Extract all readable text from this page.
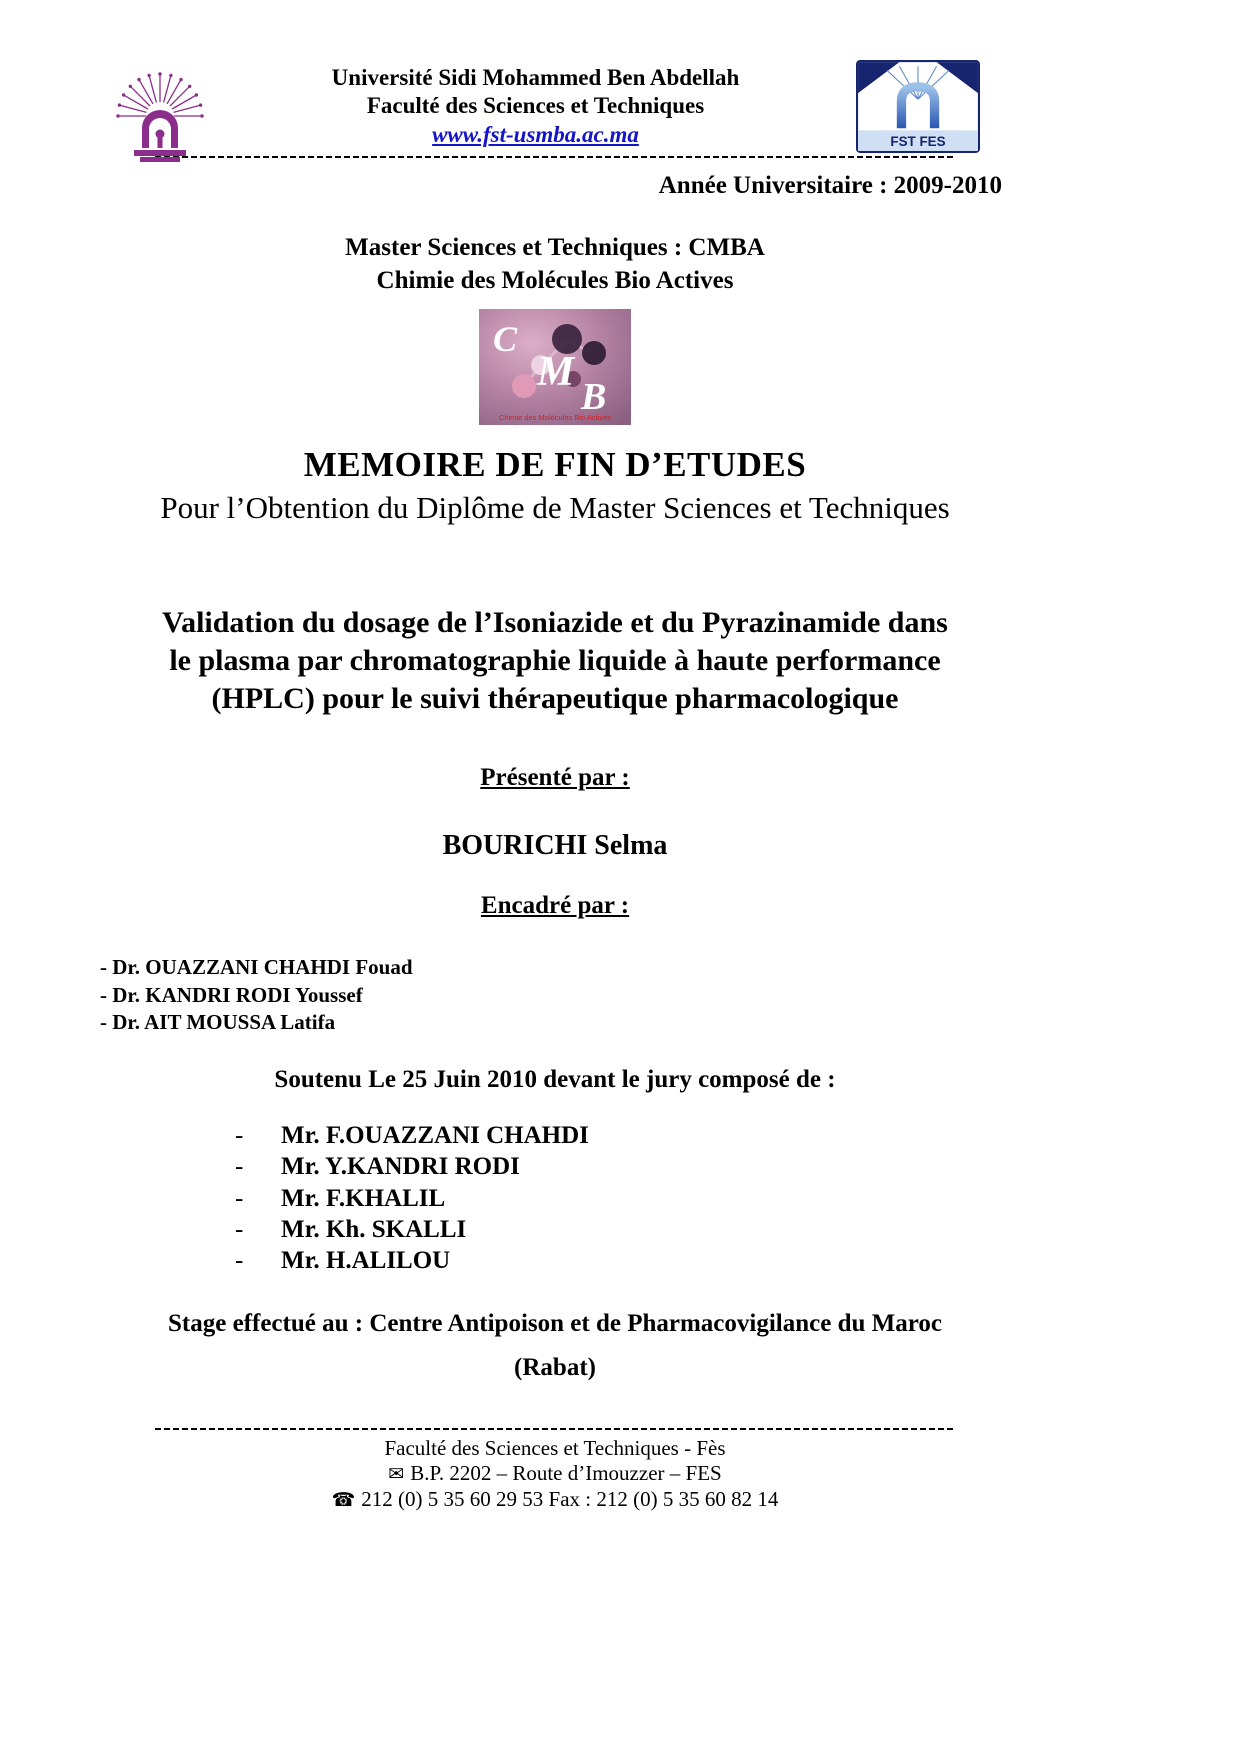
Université Sidi Mohammed Ben Abdellah
Faculté des Sciences et Techniques
www.fst-usmba.ac.ma	FST FES
Année Universitaire : 2009-2010
Master Sciences et Techniques : CMBA
Chimie des Molécules Bio Actives
C
M
B
Chimie des Molécules Bio Actives
MEMOIRE DE FIN D’ETUDES
Pour l’Obtention du Diplôme de Master Sciences et Techniques
Validation du dosage de l’Isoniazide et du Pyrazinamide dans
le plasma par chromatographie liquide à haute performance
(HPLC) pour le suivi thérapeutique pharmacologique
Présenté par :
BOURICHI Selma
Encadré par :
- Dr. OUAZZANI CHAHDI Fouad
- Dr. KANDRI RODI Youssef
- Dr. AIT MOUSSA Latifa
Soutenu Le 25 Juin 2010 devant le jury composé de :
-	Mr. F.OUAZZANI CHAHDI
-	Mr. Y.KANDRI RODI
-	Mr. F.KHALIL
-	Mr. Kh. SKALLI
-	Mr. H.ALILOU
Stage effectué au : Centre Antipoison et de Pharmacovigilance du Maroc
(Rabat)
Faculté des Sciences et Techniques - Fès
✉ B.P. 2202 – Route d’Imouzzer – FES
☎ 212 (0) 5 35 60 29 53 Fax : 212 (0) 5 35 60 82 14
